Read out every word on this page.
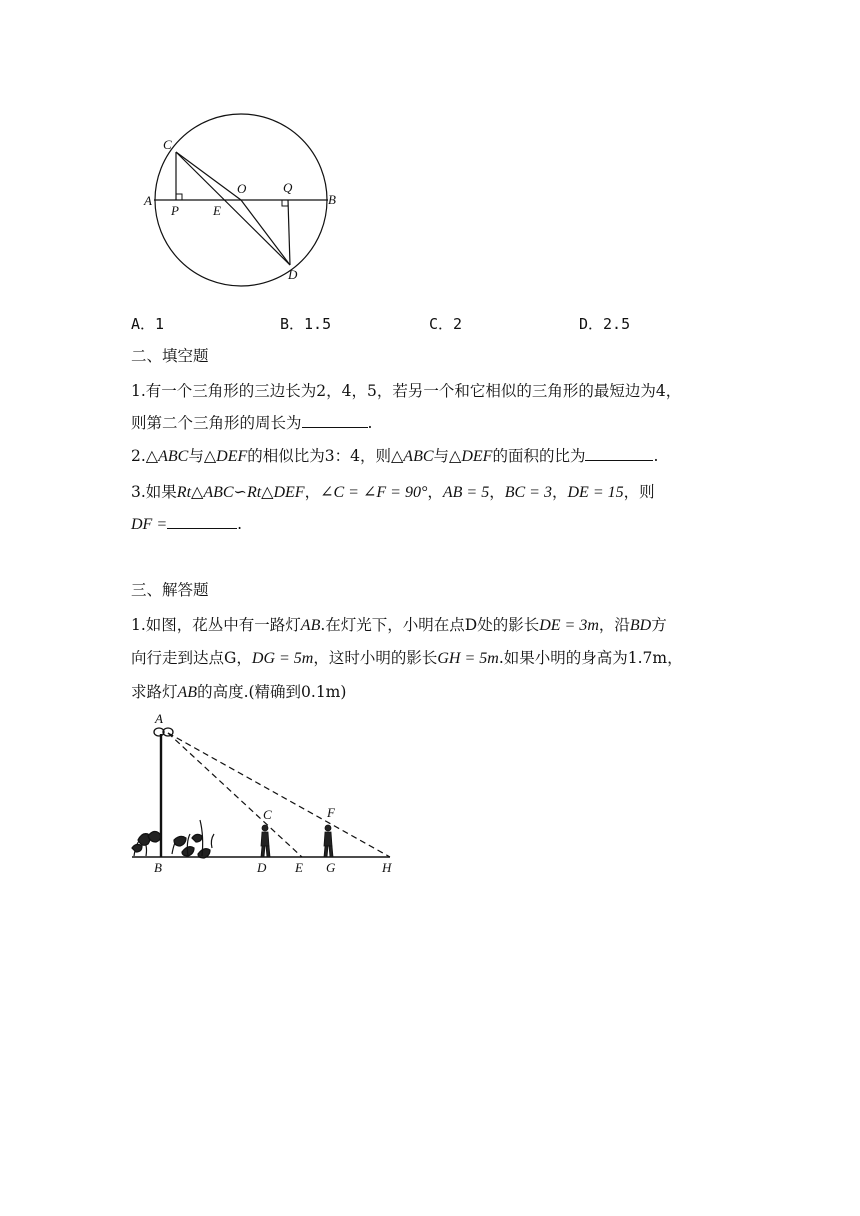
C
A
P	E
O	Q
B
D
A．1	B．1.5	C．2	D．2.5
二、填空题
1.有一个三角形的三边长为2，4，5，若另一个和它相似的三角形的最短边为4，
则第二个三角形的周长为	.
2.△ABC与△DEF的相似比为3：4，则△ABC与△DEF的面积的比为	.
3.如果Rt△ABC∽Rt△DEF，∠C = ∠F = 90°，AB = 5，BC = 3，DE = 15，则
DF =	.
三、解答题
1.如图，花丛中有一路灯AB.在灯光下，小明在点D处的影长DE = 3m，沿BD方
向行走到达点G，DG = 5m，这时小明的影长GH = 5m.如果小明的身高为1.7m，
求路灯AB的高度.(精确到0.1m)
A
B
C
D E
F
G	H
